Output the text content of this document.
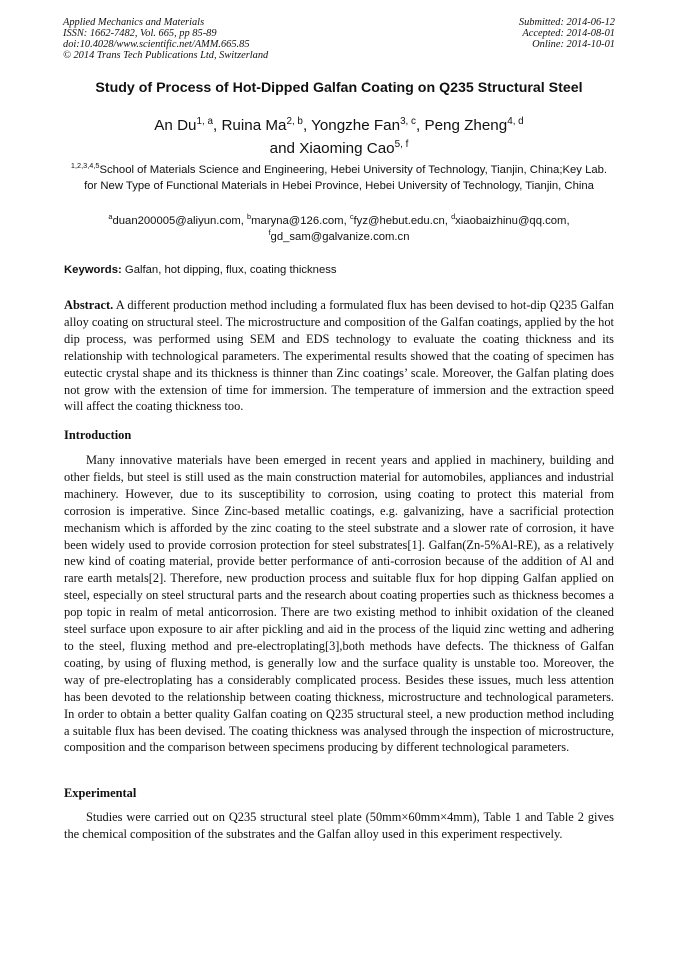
Applied Mechanics and Materials
ISSN: 1662-7482, Vol. 665, pp 85-89
doi:10.4028/www.scientific.net/AMM.665.85
© 2014 Trans Tech Publications Ltd, Switzerland
Submitted: 2014-06-12
Accepted: 2014-08-01
Online: 2014-10-01
Study of Process of Hot-Dipped Galfan Coating on Q235 Structural Steel
An Du$^{1, a}$, Ruina Ma$^{2, b}$, Yongzhe Fan$^{3, c}$, Peng Zheng$^{4, d}$
and Xiaoming Cao$^{5, f}$
$^{1,2,3,4,5}$School of Materials Science and Engineering, Hebei University of Technology, Tianjin, China;Key Lab. for New Type of Functional Materials in Hebei Province, Hebei University of Technology, Tianjin, China
$^a$duan200005@aliyun.com, $^b$maryna@126.com, $^c$fyz@hebut.edu.cn, $^d$xiaobaizhinu@qq.com,
$^f$gd_sam@galvanize.com.cn
Keywords: Galfan, hot dipping, flux, coating thickness
Abstract. A different production method including a formulated flux has been devised to hot-dip Q235 Galfan alloy coating on structural steel. The microstructure and composition of the Galfan coatings, applied by the hot dip process, was performed using SEM and EDS technology to evaluate the coating thickness and its relationship with technological parameters. The experimental results showed that the coating of specimen has eutectic crystal shape and its thickness is thinner than Zinc coatings’ scale. Moreover, the Galfan plating does not grow with the extension of time for immersion. The temperature of immersion and the extraction speed will affect the coating thickness too.
Introduction
Many innovative materials have been emerged in recent years and applied in machinery, building and other fields, but steel is still used as the main construction material for automobiles, appliances and industrial machinery. However, due to its susceptibility to corrosion, using coating to protect this material from corrosion is imperative. Since Zinc-based metallic coatings, e.g. galvanizing, have a sacrificial protection mechanism which is afforded by the zinc coating to the steel substrate and a slower rate of corrosion, it have been widely used to provide corrosion protection for steel substrates[1]. Galfan(Zn-5%Al-RE), as a relatively new kind of coating material, provide better performance of anti-corrosion because of the addition of Al and rare earth metals[2]. Therefore, new production process and suitable flux for hop dipping Galfan applied on steel, especially on steel structural parts and the research about coating properties such as thickness becomes a pop topic in realm of metal anticorrosion. There are two existing method to inhibit oxidation of the cleaned steel surface upon exposure to air after pickling and aid in the process of the liquid zinc wetting and adhering to the steel, fluxing method and pre-electroplating[3],both methods have defects. The thickness of Galfan coating, by using of fluxing method, is generally low and the surface quality is unstable too. Moreover, the way of pre-electroplating has a considerably complicated process. Besides these issues, much less attention has been devoted to the relationship between coating thickness, microstructure and technological parameters. In order to obtain a better quality Galfan coating on Q235 structural steel, a new production method including a suitable flux has been devised. The coating thickness was analysed through the inspection of microstructure, composition and the comparison between specimens producing by different technological parameters.
Experimental
Studies were carried out on Q235 structural steel plate (50mm×60mm×4mm), Table 1 and Table 2 gives the chemical composition of the substrates and the Galfan alloy used in this experiment respectively.
